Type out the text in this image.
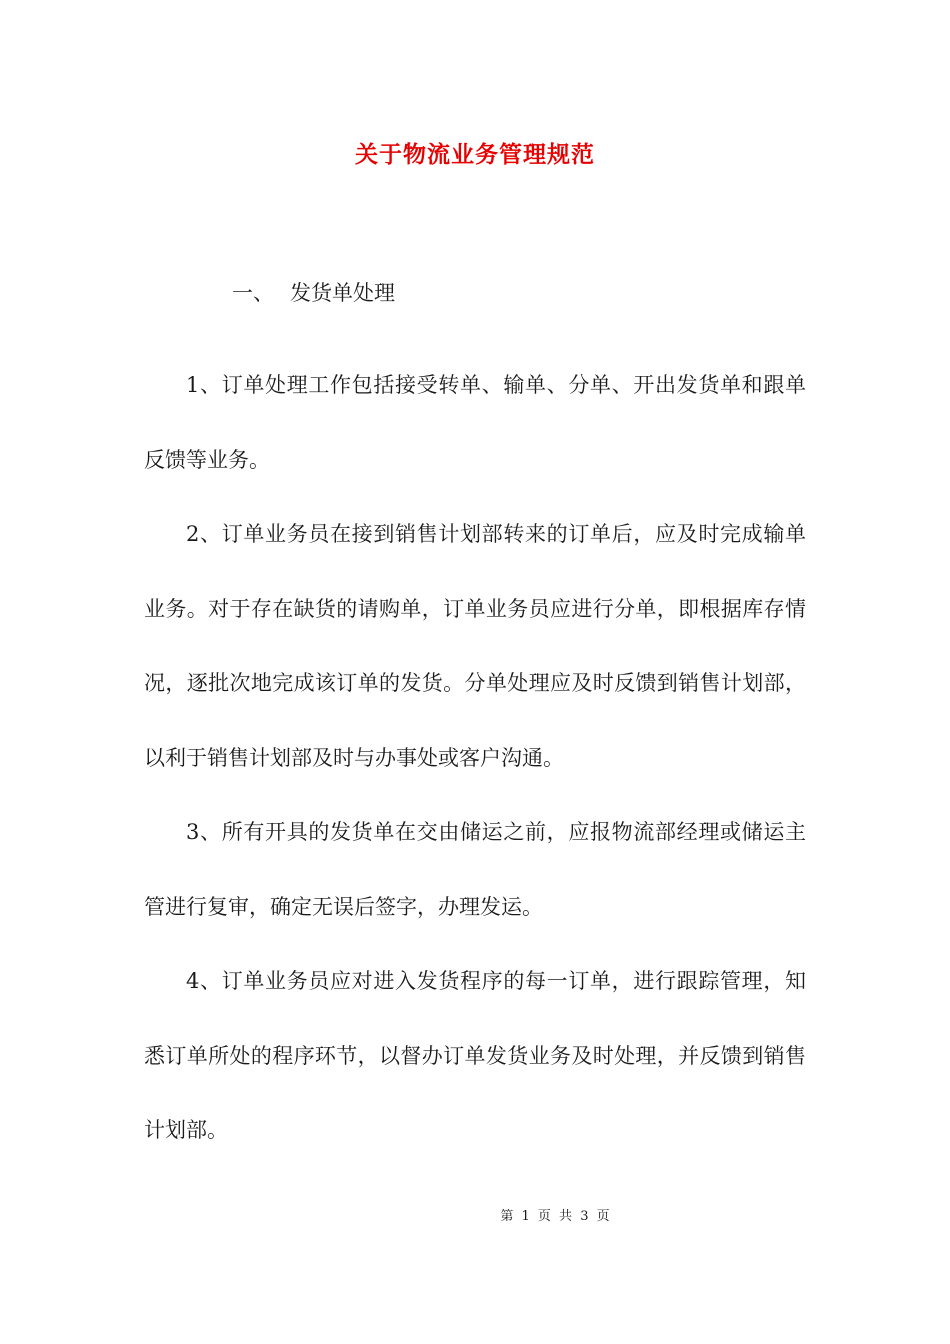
关于物流业务管理规范
一、 发货单处理

1、订单处理工作包括接受转单、输单、分单、开出发货单和跟单反馈等业务。

2、订单业务员在接到销售计划部转来的订单后，应及时完成输单业务。对于存在缺货的请购单，订单业务员应进行分单，即根据库存情况，逐批次地完成该订单的发货。分单处理应及时反馈到销售计划部，以利于销售计划部及时与办事处或客户沟通。

3、所有开具的发货单在交由储运之前，应报物流部经理或储运主管进行复审，确定无误后签字，办理发运。

4、订单业务员应对进入发货程序的每一订单，进行跟踪管理，知悉订单所处的程序环节，以督办订单发货业务及时处理，并反馈到销售计划部。

第 1 页 共 3 页
